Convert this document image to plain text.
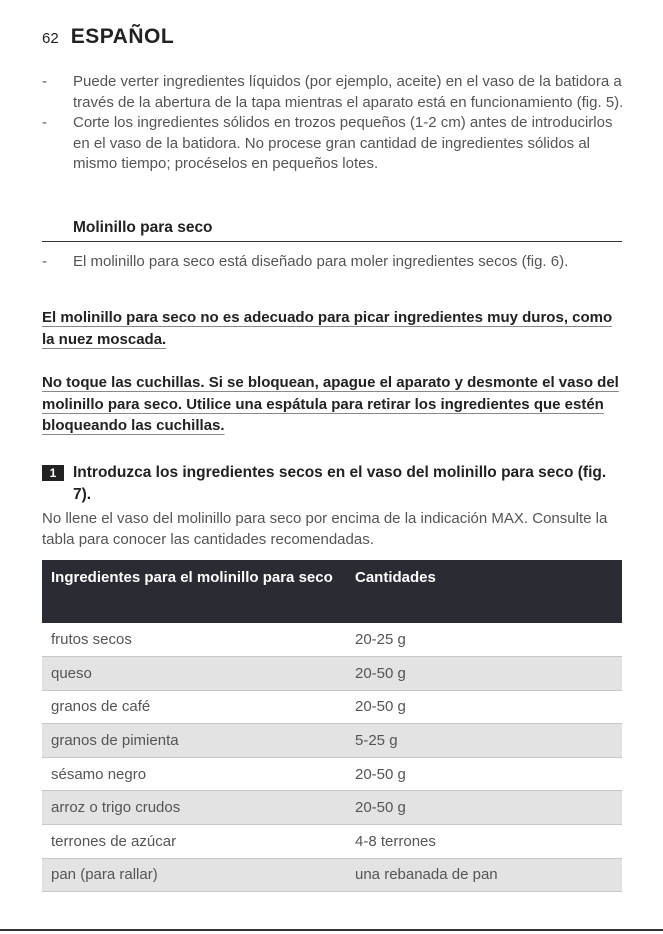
62 ESPAÑOL
- Puede verter ingredientes líquidos (por ejemplo, aceite) en el vaso de la batidora a través de la abertura de la tapa mientras el aparato está en funcionamiento (fig. 5).
- Corte los ingredientes sólidos en trozos pequeños (1-2 cm) antes de introducirlos en el vaso de la batidora. No procese gran cantidad de ingredientes sólidos al mismo tiempo; procéselos en pequeños lotes.
Molinillo para seco
- El molinillo para seco está diseñado para moler ingredientes secos (fig. 6).
El molinillo para seco no es adecuado para picar ingredientes muy duros, como la nuez moscada.
No toque las cuchillas. Si se bloquean, apague el aparato y desmonte el vaso del molinillo para seco. Utilice una espátula para retirar los ingredientes que estén bloqueando las cuchillas.
1	Introduzca los ingredientes secos en el vaso del molinillo para seco (fig. 7).
No llene el vaso del molinillo para seco por encima de la indicación MAX. Consulte la tabla para conocer las cantidades recomendadas.
Ingredientes para el molinillo para seco	Cantidades
frutos secos	20-25 g
queso	20-50 g
granos de café	20-50 g
granos de pimienta	5-25 g
sésamo negro	20-50 g
arroz o trigo crudos	20-50 g
terrones de azúcar	4-8 terrones
pan (para rallar)	una rebanada de pan
